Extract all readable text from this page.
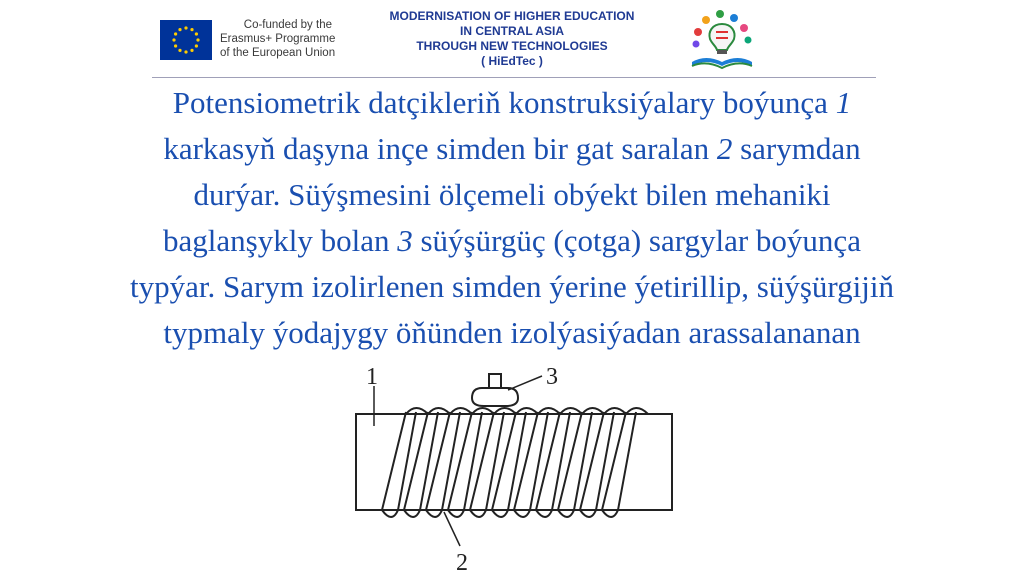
Co-funded by the
Erasmus+ Programme
of the European Union
MODERNISATION OF HIGHER EDUCATION
IN CENTRAL ASIA
THROUGH NEW TECHNOLOGIES
( HiEdTec )

Potensiometrik datçikleriň konstruksiýalary boýunça 1

karkasyň daşyna inçe simden bir gat saralan 2 sarymdan

durýar. Süýşmesini ölçemeli obýekt bilen mehaniki

baglanşykly bolan 3 süýşürgüç (çotga) sargylar boýunça

typýar. Sarym izolirlenen simden ýerine ýetirillip, süýşürgijiň

typmaly ýodajygy öňünden izolýasiýadan arassalananan

1	3
2
